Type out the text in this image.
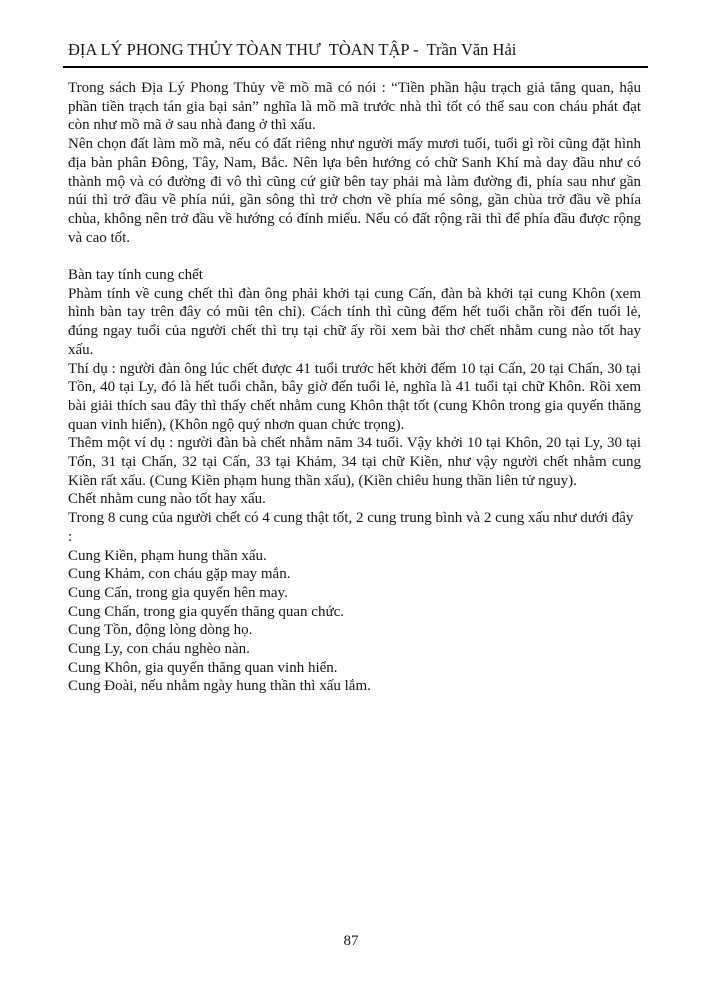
ĐỊA LÝ PHONG THỦY TÒAN THƯ  TÒAN TẬP -  Trần Văn Hải

Trong sách Địa Lý Phong Thủy về mồ mã có nói : “Tiền phần hậu trạch giả tăng quan, hậu phần tiền trạch tán gia bại sản” nghĩa là mồ mã trước nhà thì tốt có thể sau con cháu phát đạt còn như mồ mã ở sau nhà đang ở thì xấu.

Nên chọn đất làm mồ mã, nếu có đất riêng như người mấy mươi tuổi, tuổi gì rồi cũng đặt hình địa bàn phân Đông, Tây, Nam, Bắc. Nên lựa bên hướng có chữ Sanh Khí mà day đầu như có thành mộ và có đường đi vô thì cũng cứ giữ bên tay phải mà làm đường đi, phía sau như gần núi thì trở đầu về phía núi, gần sông thì trở chơn về phía mé sông, gần chùa trở đầu về phía chùa, không nên trở đầu về hướng có đính miểu. Nếu có đất rộng rãi thì để phía đầu được rộng và cao tốt.

Bàn tay tính cung chết

Phàm tính về cung chết thì đàn ông phải khởi tại cung Cấn, đàn bà khởi tại cung Khôn (xem hình bàn tay trên đây có mũi tên chỉ). Cách tính thì cũng đếm hết tuổi chẵn rồi đến tuổi lẻ, đúng ngay tuổi của người chết thì trụ tại chữ ấy rồi xem bài thơ chết nhằm cung nào tốt hay xấu.

Thí dụ : người đàn ông lúc chết được 41 tuổi trước hết khởi đếm 10 tại Cấn, 20 tại Chấn, 30 tại Tồn, 40 tại Ly, đó là hết tuổi chẵn, bây giờ đến tuổi lẻ, nghĩa là 41 tuổi tại chữ Khôn. Rồi xem bài giải thích sau đây thì thấy chết nhằm cung Khôn thật tốt (cung Khôn trong gia quyến thăng quan vinh hiển), (Khôn ngộ quý nhơn quan chức trọng).

Thêm một ví dụ : người đàn bà chết nhằm năm 34 tuổi. Vậy khởi 10 tại Khôn, 20 tại Ly, 30 tại Tốn, 31 tại Chấn, 32 tại Cấn, 33 tại Khảm, 34 tại chữ Kiền, như vậy người chết nhằm cung Kiền rất xấu. (Cung Kiền phạm hung thần xấu), (Kiền chiêu hung thần liên tử nguy).

Chết nhằm cung nào tốt hay xấu.

Trong 8 cung của người chết có 4 cung thật tốt, 2 cung trung bình và 2 cung xấu như dưới đây :

Cung Kiền, phạm hung thần xấu.

Cung Khảm, con cháu gặp may mắn.

Cung Cấn, trong gia quyến hên may.

Cung Chấn, trong gia quyến thăng quan chức.

Cung Tồn, động lòng dòng họ.

Cung Ly, con cháu nghèo nàn.

Cung Khôn, gia quyến thăng quan vinh hiển.

Cung Đoài, nếu nhằm ngày hung thần thì xấu lắm.

87
